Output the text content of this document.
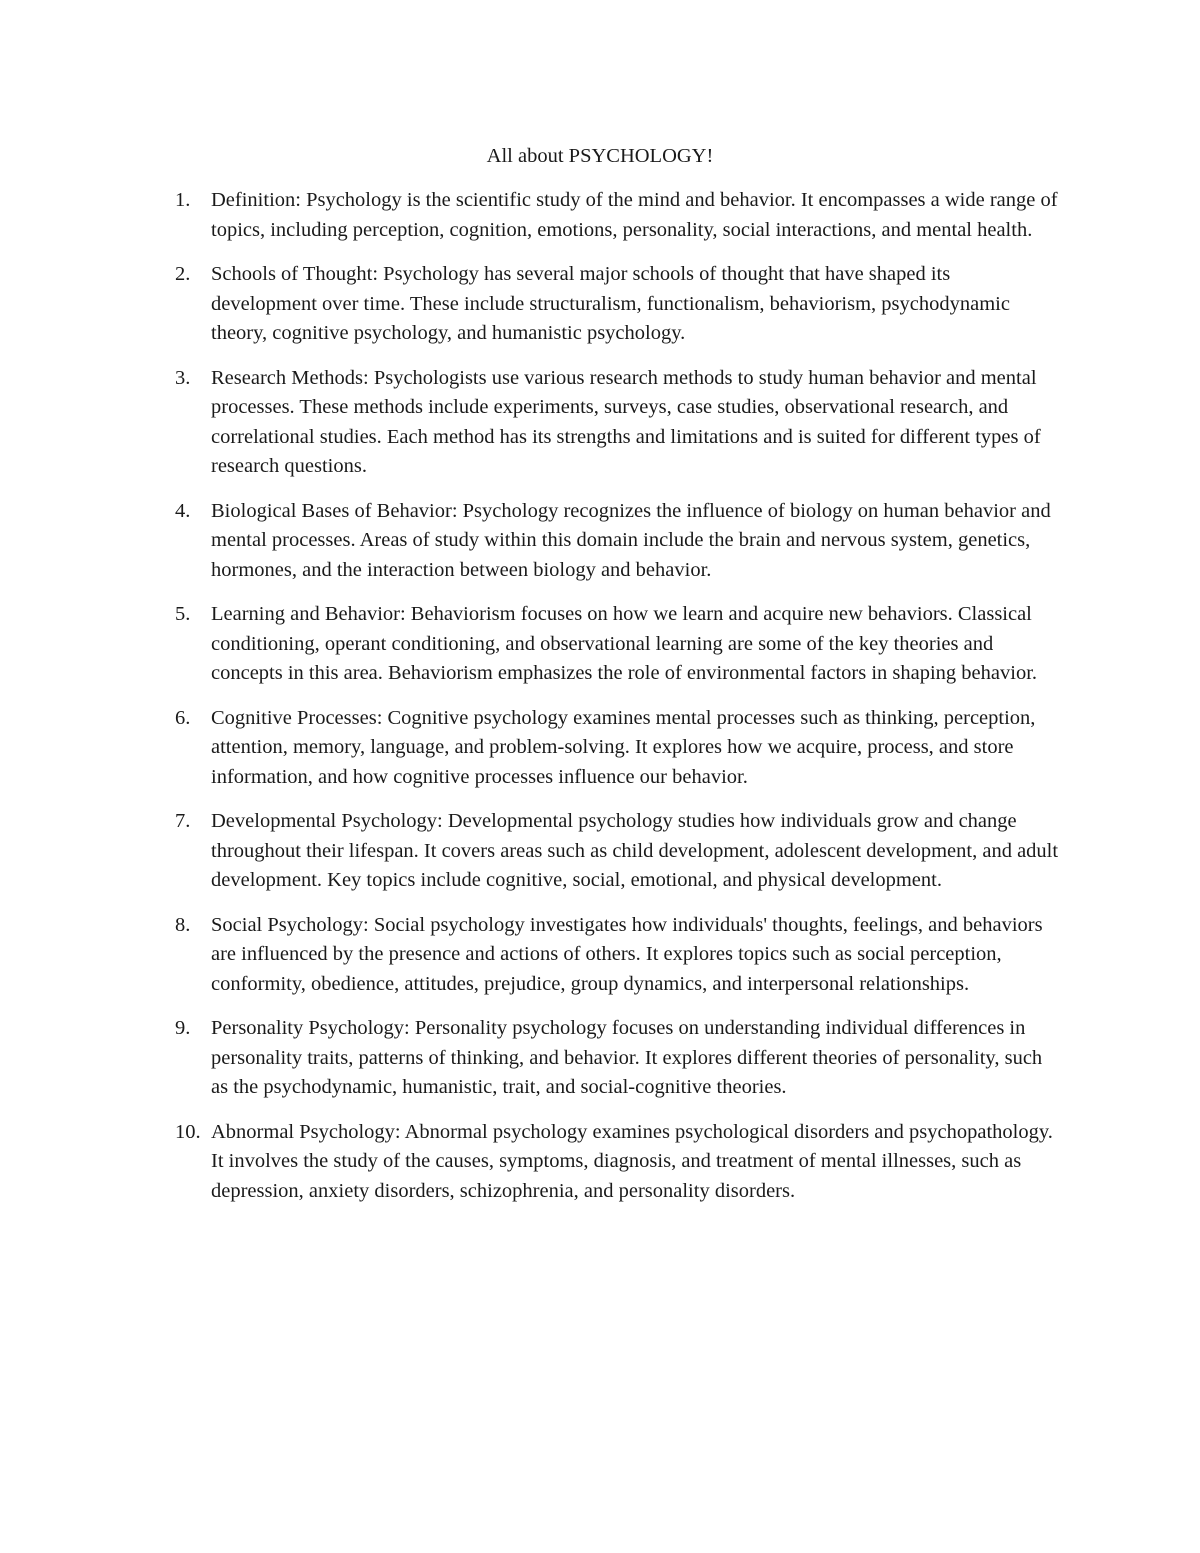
All about PSYCHOLOGY!
1. Definition: Psychology is the scientific study of the mind and behavior. It encompasses a wide range of topics, including perception, cognition, emotions, personality, social interactions, and mental health.
2. Schools of Thought: Psychology has several major schools of thought that have shaped its development over time. These include structuralism, functionalism, behaviorism, psychodynamic theory, cognitive psychology, and humanistic psychology.
3. Research Methods: Psychologists use various research methods to study human behavior and mental processes. These methods include experiments, surveys, case studies, observational research, and correlational studies. Each method has its strengths and limitations and is suited for different types of research questions.
4. Biological Bases of Behavior: Psychology recognizes the influence of biology on human behavior and mental processes. Areas of study within this domain include the brain and nervous system, genetics, hormones, and the interaction between biology and behavior.
5. Learning and Behavior: Behaviorism focuses on how we learn and acquire new behaviors. Classical conditioning, operant conditioning, and observational learning are some of the key theories and concepts in this area. Behaviorism emphasizes the role of environmental factors in shaping behavior.
6. Cognitive Processes: Cognitive psychology examines mental processes such as thinking, perception, attention, memory, language, and problem-solving. It explores how we acquire, process, and store information, and how cognitive processes influence our behavior.
7. Developmental Psychology: Developmental psychology studies how individuals grow and change throughout their lifespan. It covers areas such as child development, adolescent development, and adult development. Key topics include cognitive, social, emotional, and physical development.
8. Social Psychology: Social psychology investigates how individuals' thoughts, feelings, and behaviors are influenced by the presence and actions of others. It explores topics such as social perception, conformity, obedience, attitudes, prejudice, group dynamics, and interpersonal relationships.
9. Personality Psychology: Personality psychology focuses on understanding individual differences in personality traits, patterns of thinking, and behavior. It explores different theories of personality, such as the psychodynamic, humanistic, trait, and social-cognitive theories.
10. Abnormal Psychology: Abnormal psychology examines psychological disorders and psychopathology. It involves the study of the causes, symptoms, diagnosis, and treatment of mental illnesses, such as depression, anxiety disorders, schizophrenia, and personality disorders.
